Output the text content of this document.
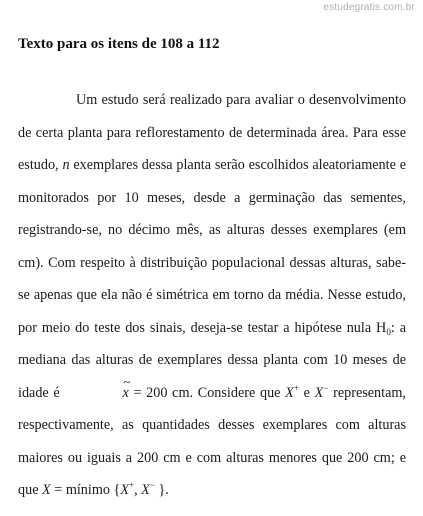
estudegratis.com.br
Texto para os itens de 108 a 112

Um estudo será realizado para avaliar o desenvolvimento de certa planta para reflorestamento de determinada área. Para esse estudo, n exemplares dessa planta serão escolhidos aleatoriamente e monitorados por 10 meses, desde a germinação das sementes, registrando-se, no décimo mês, as alturas desses exemplares (em cm). Com respeito à distribuição populacional dessas alturas, sabe-se apenas que ela não é simétrica em torno da média. Nesse estudo, por meio do teste dos sinais, deseja-se testar a hipótese nula $H_0$: a mediana das alturas de exemplares dessa planta com 10 meses de idade é ~	x = 200 cm. Considere que X+ e X− representam, respectivamente, as quantidades desses exemplares com alturas maiores ou iguais a 200 cm e com alturas menores que 200 cm; e que X = mínimo {X+, X− }.
